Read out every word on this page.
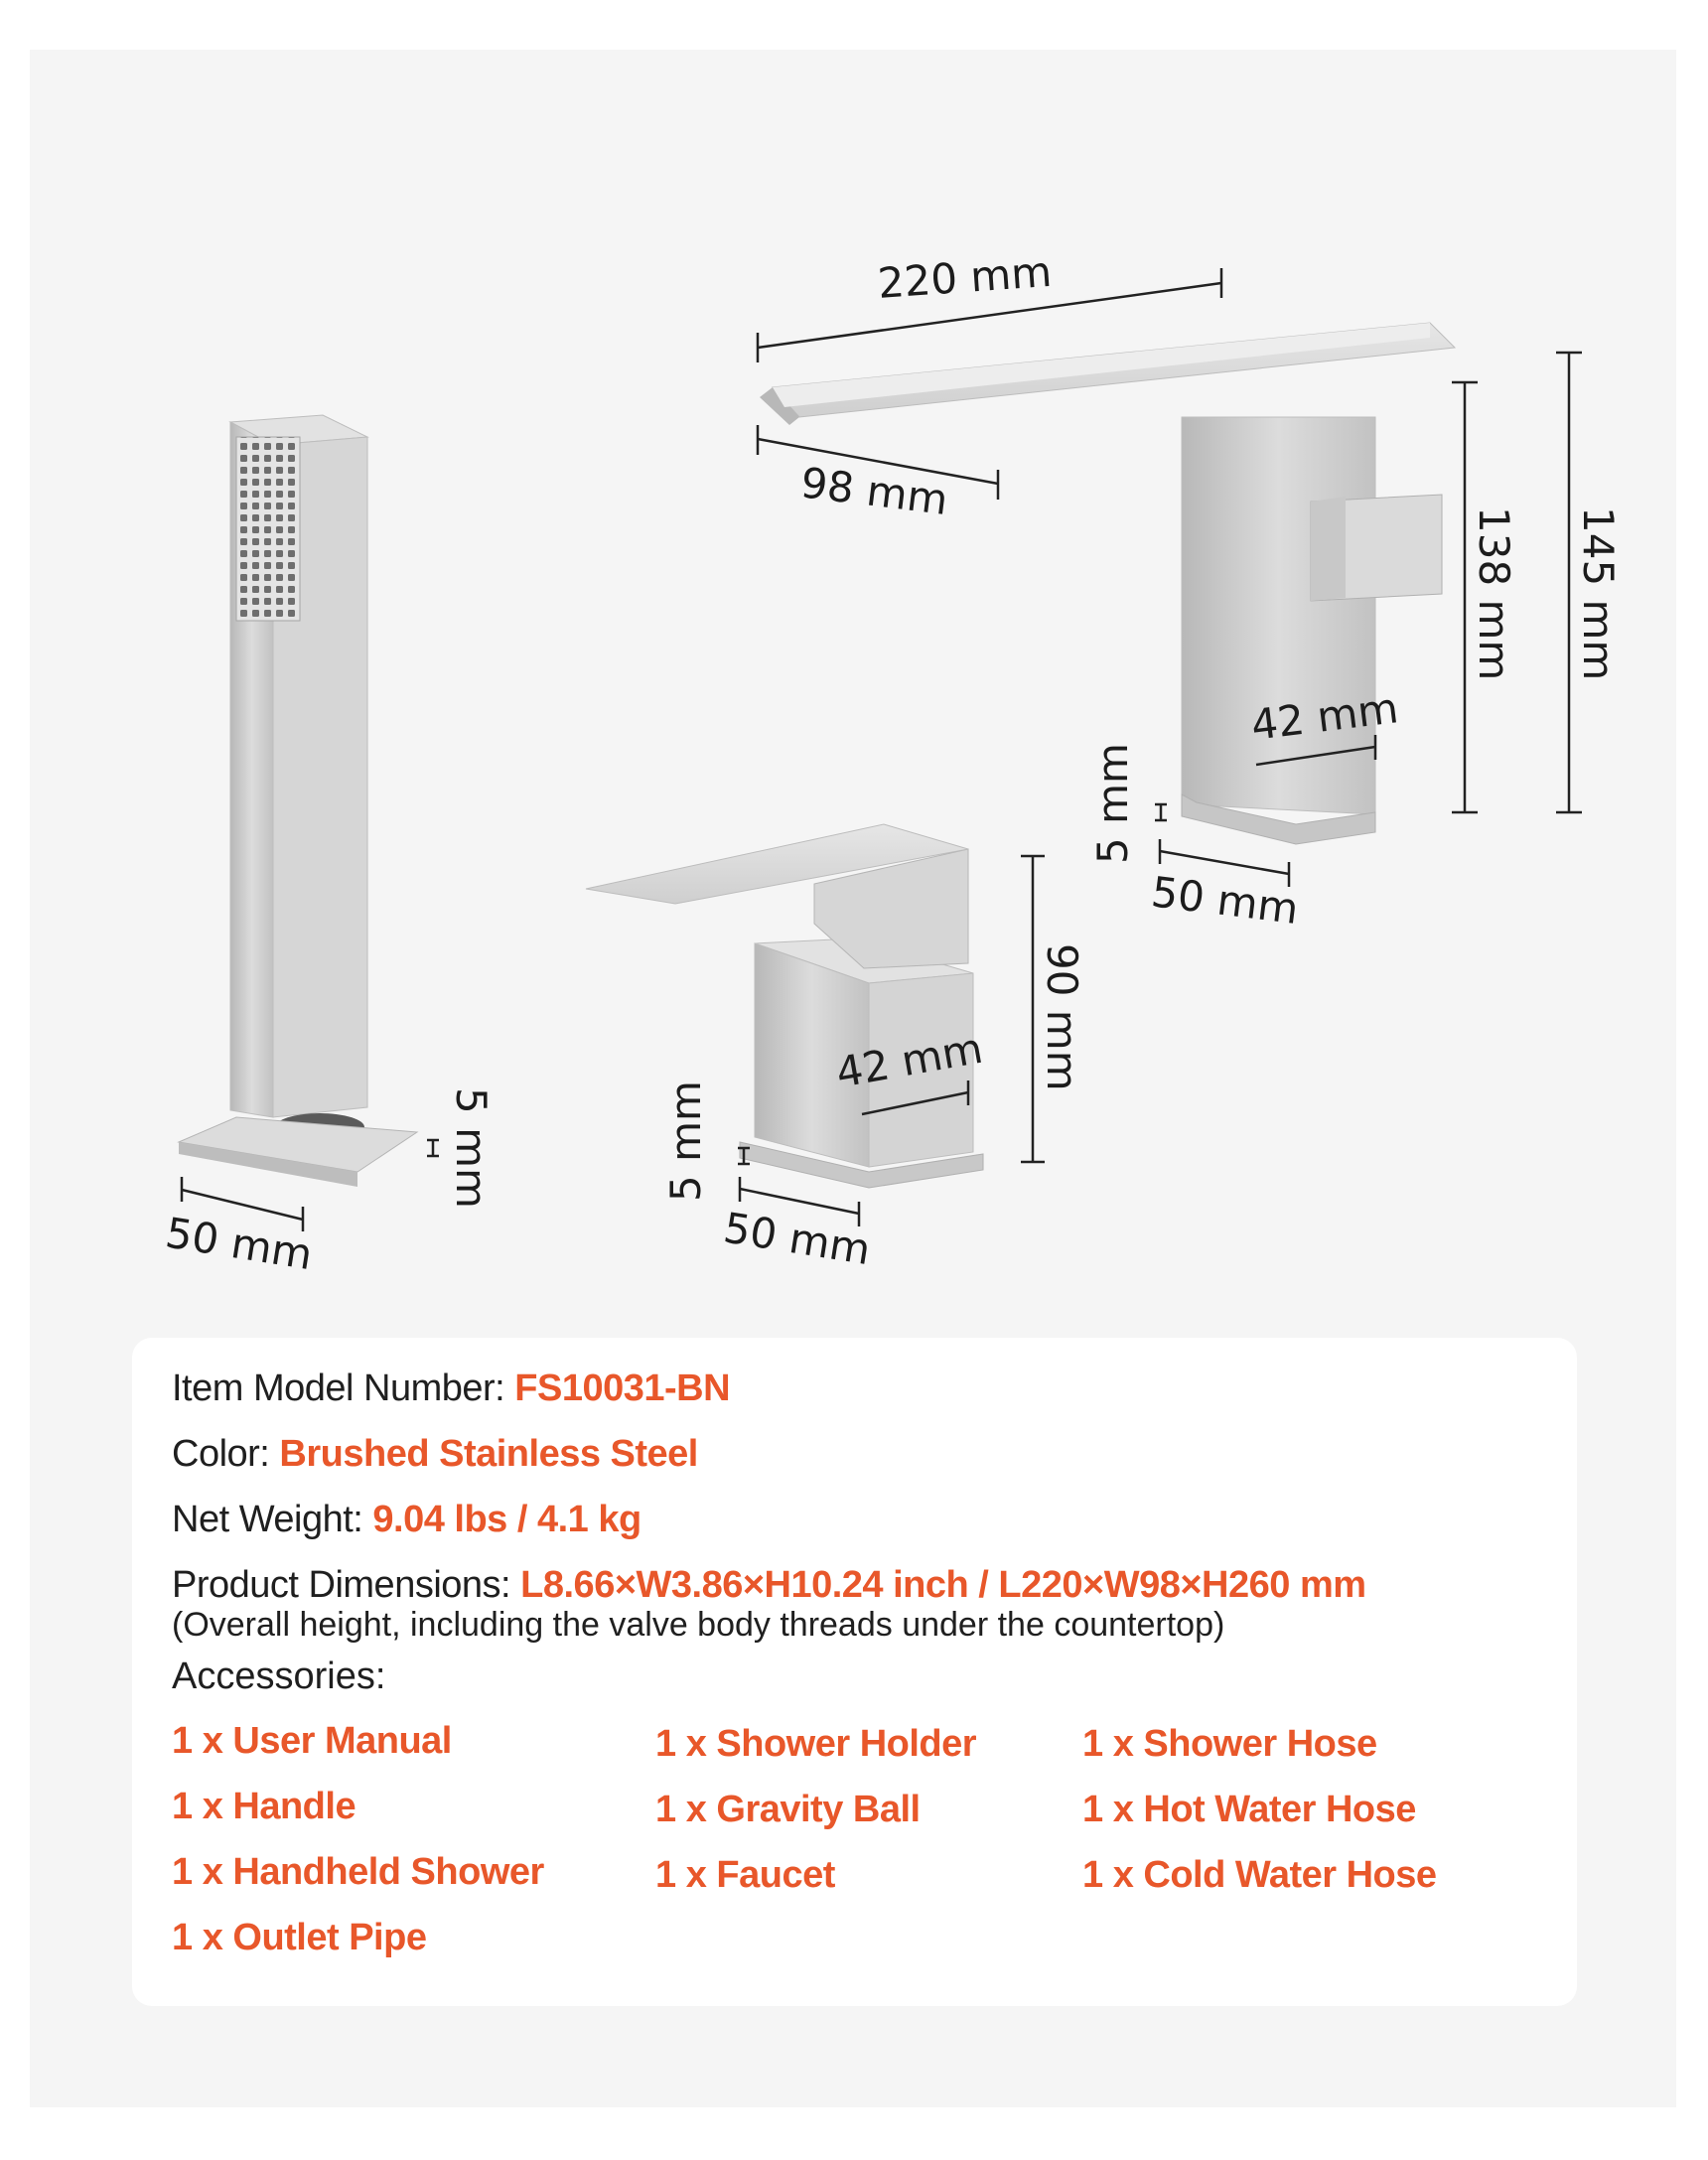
220 mm
98 mm
138 mm 145 mm
42 mm
5 mm
50 mm
90 mm
42 mm
5 mm
50 mm
5 mm
50 mm
Item Model Number: FS10031-BN
Color: Brushed Stainless Steel
Net Weight: 9.04 lbs / 4.1 kg
Product Dimensions: L8.66×W3.86×H10.24 inch / L220×W98×H260 mm
(Overall height, including the valve body threads under the countertop)
Accessories:
1 x User Manual
1 x Handle
1 x Handheld Shower
1 x Outlet Pipe
1 x Shower Holder
1 x Gravity Ball
1 x Faucet
1 x Shower Hose
1 x Hot Water Hose
1 x Cold Water Hose
